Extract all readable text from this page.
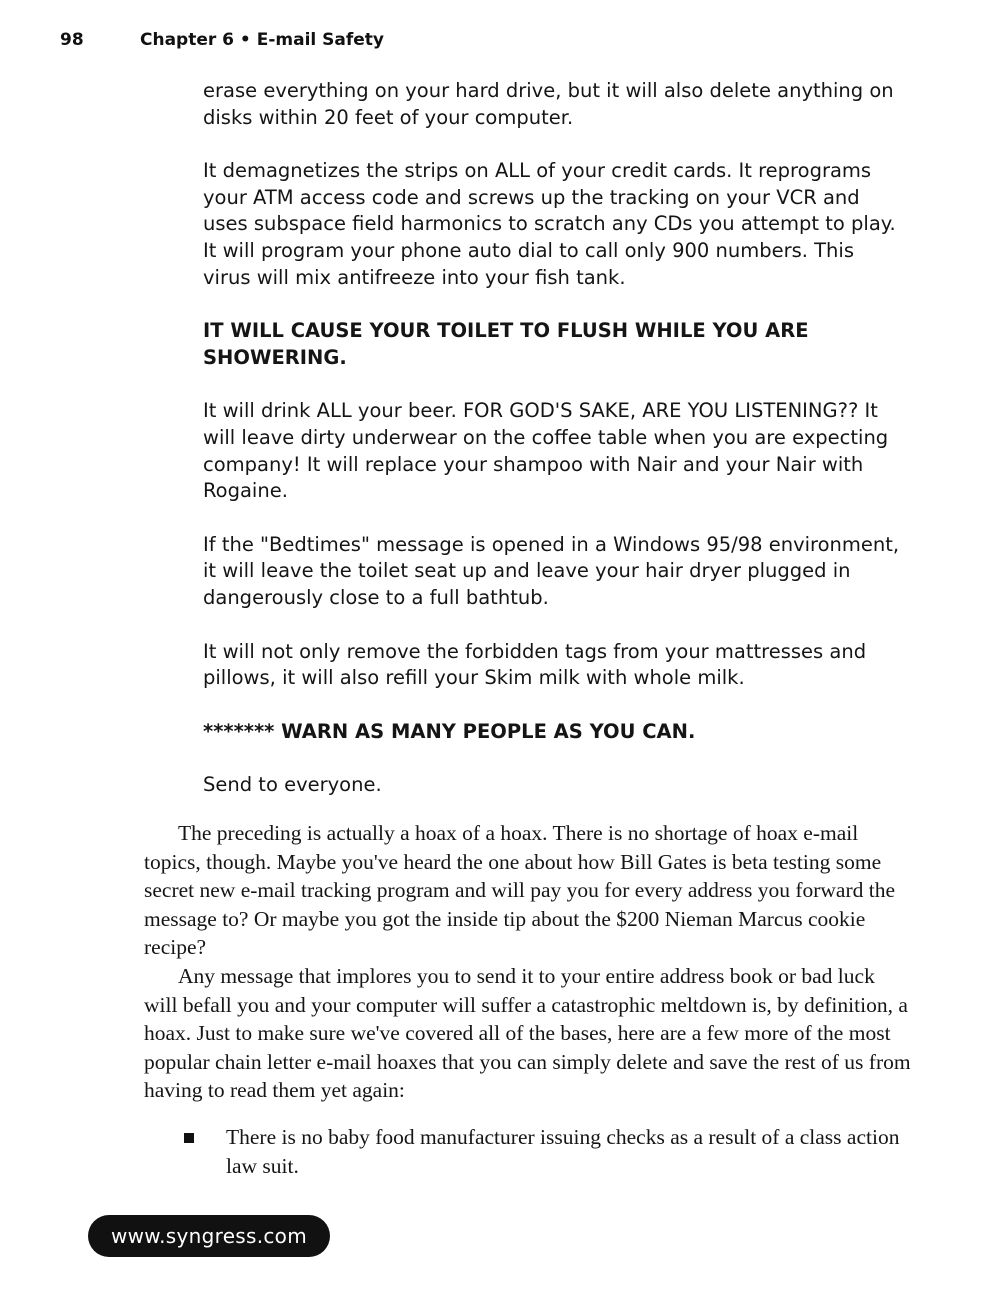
98	Chapter 6 • E-mail Safety

erase everything on your hard drive, but it will also delete anything on disks within 20 feet of your computer.

It demagnetizes the strips on ALL of your credit cards. It reprograms your ATM access code and screws up the tracking on your VCR and uses subspace field harmonics to scratch any CDs you attempt to play. It will program your phone auto dial to call only 900 numbers. This virus will mix antifreeze into your fish tank.

IT WILL CAUSE YOUR TOILET TO FLUSH WHILE YOU ARE SHOWERING.

It will drink ALL your beer. FOR GOD'S SAKE, ARE YOU LISTENING?? It will leave dirty underwear on the coffee table when you are expecting company! It will replace your shampoo with Nair and your Nair with Rogaine.

If the "Bedtimes" message is opened in a Windows 95/98 environment, it will leave the toilet seat up and leave your hair dryer plugged in dangerously close to a full bathtub.

It will not only remove the forbidden tags from your mattresses and pillows, it will also refill your Skim milk with whole milk.

******* WARN AS MANY PEOPLE AS YOU CAN.

Send to everyone.

The preceding is actually a hoax of a hoax. There is no shortage of hoax e-mail topics, though. Maybe you've heard the one about how Bill Gates is beta testing some secret new e-mail tracking program and will pay you for every address you forward the message to? Or maybe you got the inside tip about the $200 Nieman Marcus cookie recipe?

Any message that implores you to send it to your entire address book or bad luck will befall you and your computer will suffer a catastrophic meltdown is, by definition, a hoax. Just to make sure we've covered all of the bases, here are a few more of the most popular chain letter e-mail hoaxes that you can simply delete and save the rest of us from having to read them yet again:

There is no baby food manufacturer issuing checks as a result of a class action law suit.
www.syngress.com
